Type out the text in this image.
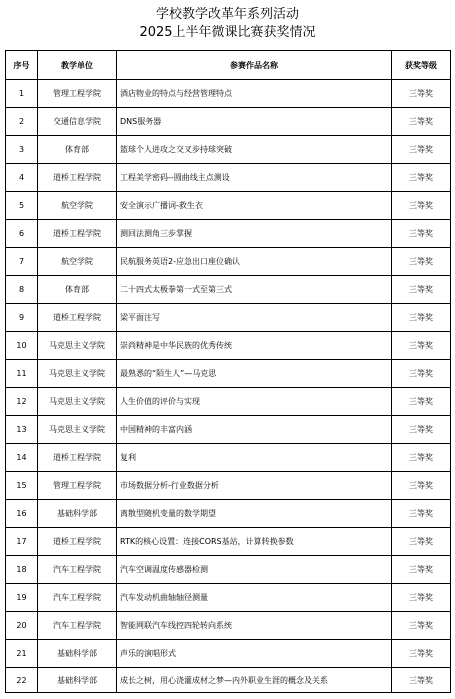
学校教学改革年系列活动
2025上半年微课比赛获奖情况
序号	教学单位	参赛作品名称	获奖等级
1	管理工程学院	酒店物业的特点与经营管理特点	三等奖
2	交通信息学院	DNS服务器	三等奖
3	体育部	篮球个人进攻之交叉步持球突破	三等奖
4	道桥工程学院	工程美学密码--圆曲线主点测设	三等奖
5	航空学院	安全演示广播词-救生衣	三等奖
6	道桥工程学院	测回法测角三步掌握	三等奖
7	航空学院	民航服务英语2-应急出口座位确认	三等奖
8	体育部	二十四式太极拳第一式至第三式	三等奖
9	道桥工程学院	梁平面注写	三等奖
10	马克思主义学院	崇尚精神是中华民族的优秀传统	三等奖
11	马克思主义学院	最熟悉的“陌生人”—马克思	三等奖
12	马克思主义学院	人生价值的评价与实现	三等奖
13	马克思主义学院	中国精神的丰富内涵	三等奖
14	道桥工程学院	复利	三等奖
15	管理工程学院	市场数据分析-行业数据分析	三等奖
16	基础科学部	离散型随机变量的数学期望	三等奖
17	道桥工程学院	RTK的核心设置：连接CORS基站，计算转换参数	三等奖
18	汽车工程学院	汽车空调温度传感器检测	三等奖
19	汽车工程学院	汽车发动机曲轴轴径测量	三等奖
20	汽车工程学院	智能网联汽车线控四轮转向系统	三等奖
21	基础科学部	声乐的演唱形式	三等奖
22	基础科学部	成长之树，用心浇灌成材之梦—内外职业生涯的概念及关系	三等奖
